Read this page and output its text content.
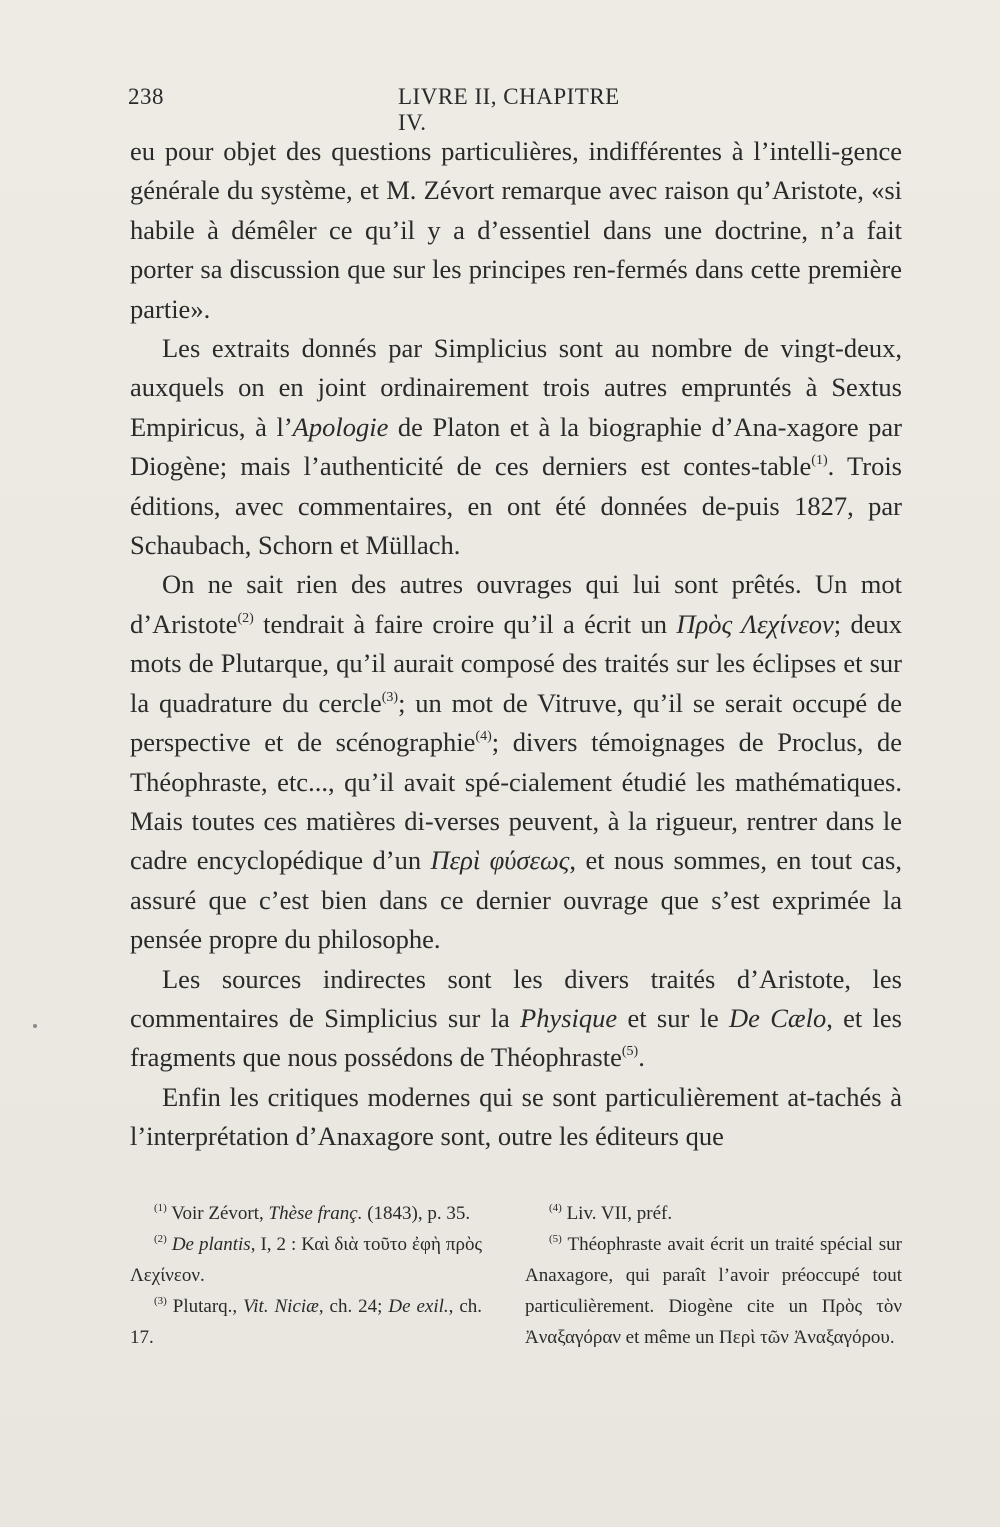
238	LIVRE II, CHAPITRE IV.

eu pour objet des questions particulières, indifférentes à l’intelli-gence générale du système, et M. Zévort remarque avec raison qu’Aristote, «si habile à démêler ce qu’il y a d’essentiel dans une doctrine, n’a fait porter sa discussion que sur les principes ren-fermés dans cette première partie».

Les extraits donnés par Simplicius sont au nombre de vingt-deux, auxquels on en joint ordinairement trois autres empruntés à Sextus Empiricus, à l’Apologie de Platon et à la biographie d’Ana-xagore par Diogène; mais l’authenticité de ces derniers est contes-table$^{(1)}$. Trois éditions, avec commentaires, en ont été données de-puis 1827, par Schaubach, Schorn et Müllach.

On ne sait rien des autres ouvrages qui lui sont prêtés. Un mot d’Aristote$^{(2)}$ tendrait à faire croire qu’il a écrit un Πρὸς Λεχίνεον; deux mots de Plutarque, qu’il aurait composé des traités sur les éclipses et sur la quadrature du cercle$^{(3)}$; un mot de Vitruve, qu’il se serait occupé de perspective et de scénographie$^{(4)}$; divers témoignages de Proclus, de Théophraste, etc..., qu’il avait spé-cialement étudié les mathématiques. Mais toutes ces matières di-verses peuvent, à la rigueur, rentrer dans le cadre encyclopédique d’un Περὶ φύσεως, et nous sommes, en tout cas, assuré que c’est bien dans ce dernier ouvrage que s’est exprimée la pensée propre du philosophe.

Les sources indirectes sont les divers traités d’Aristote, les commentaires de Simplicius sur la Physique et sur le De Cælo, et les fragments que nous possédons de Théophraste$^{(5)}$.

Enfin les critiques modernes qui se sont particulièrement at-tachés à l’interprétation d’Anaxagore sont, outre les éditeurs que

$^{(1)}$ Voir Zévort, Thèse franç. (1843), p. 35.

$^{(2)}$ De plantis, I, 2 : Καὶ διὰ τοῦτο ἐφὴ πρὸς Λεχίνεον.

$^{(3)}$ Plutarq., Vit. Niciæ, ch. 24; De exil., ch. 17.

$^{(4)}$ Liv. VII, préf.

$^{(5)}$ Théophraste avait écrit un traité spécial sur Anaxagore, qui paraît l’avoir préoccupé tout particulièrement. Diogène cite un Πρὸς τὸν Ἀναξαγόραν et même un Περὶ τῶν Ἀναξαγόρου.
